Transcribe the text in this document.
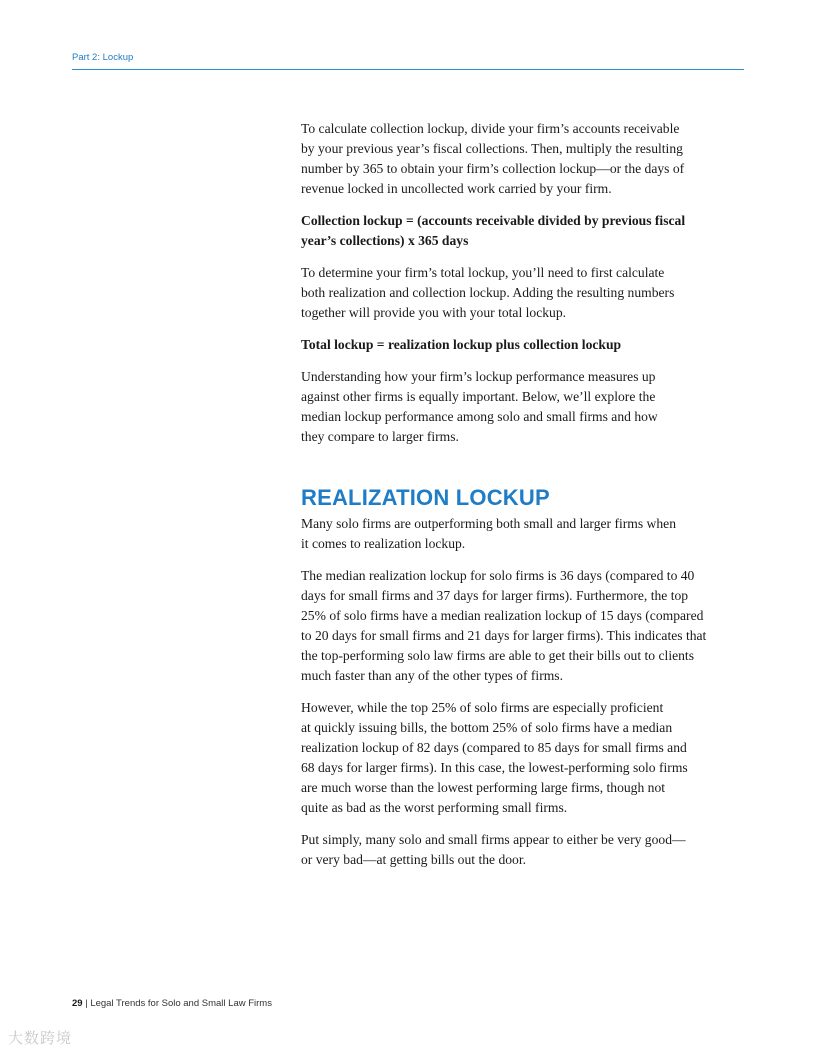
Part 2: Lockup

To calculate collection lockup, divide your firm’s accounts receivable
by your previous year’s fiscal collections. Then, multiply the resulting
number by 365 to obtain your firm’s collection lockup—or the days of
revenue locked in uncollected work carried by your firm.

Collection lockup = (accounts receivable divided by previous fiscal
year’s collections) x 365 days

To determine your firm’s total lockup, you’ll need to first calculate
both realization and collection lockup. Adding the resulting numbers
together will provide you with your total lockup.

Total lockup = realization lockup plus collection lockup

Understanding how your firm’s lockup performance measures up
against other firms is equally important. Below, we’ll explore the
median lockup performance among solo and small firms and how
they compare to larger firms.

REALIZATION LOCKUP

Many solo firms are outperforming both small and larger firms when
it comes to realization lockup.

The median realization lockup for solo firms is 36 days (compared to 40
days for small firms and 37 days for larger firms). Furthermore, the top
25% of solo firms have a median realization lockup of 15 days (compared
to 20 days for small firms and 21 days for larger firms). This indicates that
the top-performing solo law firms are able to get their bills out to clients
much faster than any of the other types of firms.

However, while the top 25% of solo firms are especially proficient
at quickly issuing bills, the bottom 25% of solo firms have a median
realization lockup of 82 days (compared to 85 days for small firms and
68 days for larger firms). In this case, the lowest-performing solo firms
are much worse than the lowest performing large firms, though not
quite as bad as the worst performing small firms.

Put simply, many solo and small firms appear to either be very good—
or very bad—at getting bills out the door.

29 | Legal Trends for Solo and Small Law Firms
大数跨境
